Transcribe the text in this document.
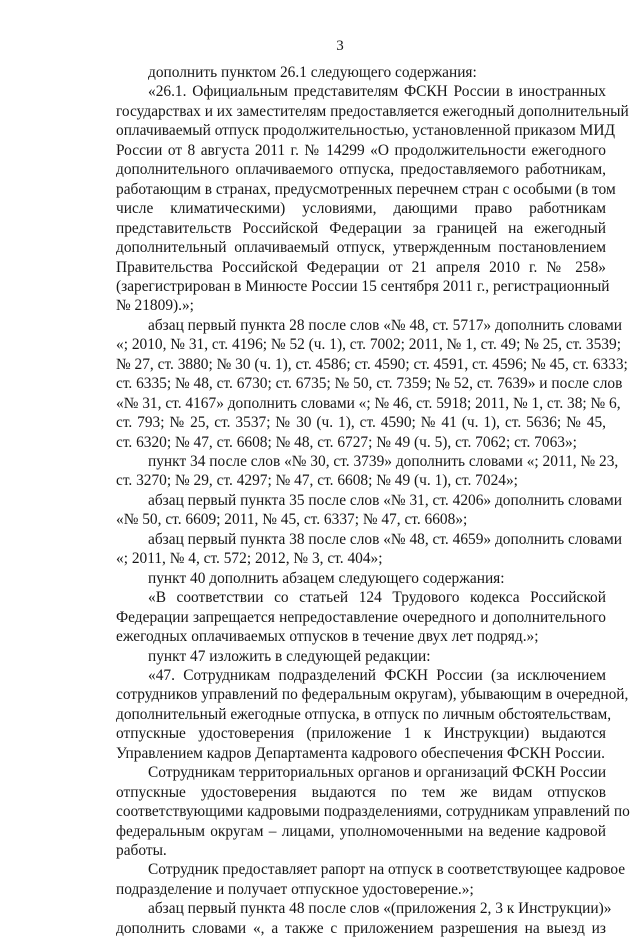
3
дополнить пунктом 26.1 следующего содержания:
«26.1. Официальным представителям ФСКН России в иностранных
государствах и их заместителям предоставляется ежегодный дополнительный
оплачиваемый отпуск продолжительностью, установленной приказом МИД
России от 8 августа 2011 г. № 14299 «О продолжительности ежегодного
дополнительного оплачиваемого отпуска, предоставляемого работникам,
работающим в странах, предусмотренных перечнем стран с особыми (в том
числе климатическими) условиями, дающими право работникам
представительств Российской Федерации за границей на ежегодный
дополнительный оплачиваемый отпуск, утвержденным постановлением
Правительства Российской Федерации от 21 апреля 2010 г. № 258»
(зарегистрирован в Минюсте России 15 сентября 2011 г., регистрационный
№ 21809).»;
абзац первый пункта 28 после слов «№ 48, ст. 5717» дополнить словами
«; 2010, № 31, ст. 4196; № 52 (ч. 1), ст. 7002; 2011, № 1, ст. 49; № 25, ст. 3539;
№ 27, ст. 3880; № 30 (ч. 1), ст. 4586; ст. 4590; ст. 4591, ст. 4596; № 45, ст. 6333;
ст. 6335; № 48, ст. 6730; ст. 6735; № 50, ст. 7359; № 52, ст. 7639» и после слов
«№ 31, ст. 4167» дополнить словами «; № 46, ст. 5918; 2011, № 1, ст. 38; № 6,
ст. 793; № 25, ст. 3537; № 30 (ч. 1), ст. 4590; № 41 (ч. 1), ст. 5636; № 45,
ст. 6320; № 47, ст. 6608; № 48, ст. 6727; № 49 (ч. 5), ст. 7062; ст. 7063»;
пункт 34 после слов «№ 30, ст. 3739» дополнить словами «; 2011, № 23,
ст. 3270; № 29, ст. 4297; № 47, ст. 6608; № 49 (ч. 1), ст. 7024»;
абзац первый пункта 35 после слов «№ 31, ст. 4206» дополнить словами
«№ 50, ст. 6609; 2011, № 45, ст. 6337; № 47, ст. 6608»;
абзац первый пункта 38 после слов «№ 48, ст. 4659» дополнить словами
«; 2011, № 4, ст. 572; 2012, № 3, ст. 404»;
пункт 40 дополнить абзацем следующего содержания:
«В соответствии со статьей 124 Трудового кодекса Российской
Федерации запрещается непредоставление очередного и дополнительного
ежегодных оплачиваемых отпусков в течение двух лет подряд.»;
пункт 47 изложить в следующей редакции:
«47. Сотрудникам подразделений ФСКН России (за исключением
сотрудников управлений по федеральным округам), убывающим в очередной,
дополнительный ежегодные отпуска, в отпуск по личным обстоятельствам,
отпускные удостоверения (приложение 1 к Инструкции) выдаются
Управлением кадров Департамента кадрового обеспечения ФСКН России.
Сотрудникам территориальных органов и организаций ФСКН России
отпускные удостоверения выдаются по тем же видам отпусков
соответствующими кадровыми подразделениями, сотрудникам управлений по
федеральным округам – лицами, уполномоченными на ведение кадровой
работы.
Сотрудник предоставляет рапорт на отпуск в соответствующее кадровое
подразделение и получает отпускное удостоверение.»;
абзац первый пункта 48 после слов «(приложения 2, 3 к Инструкции)»
дополнить словами «, а также с приложением разрешения на выезд из
